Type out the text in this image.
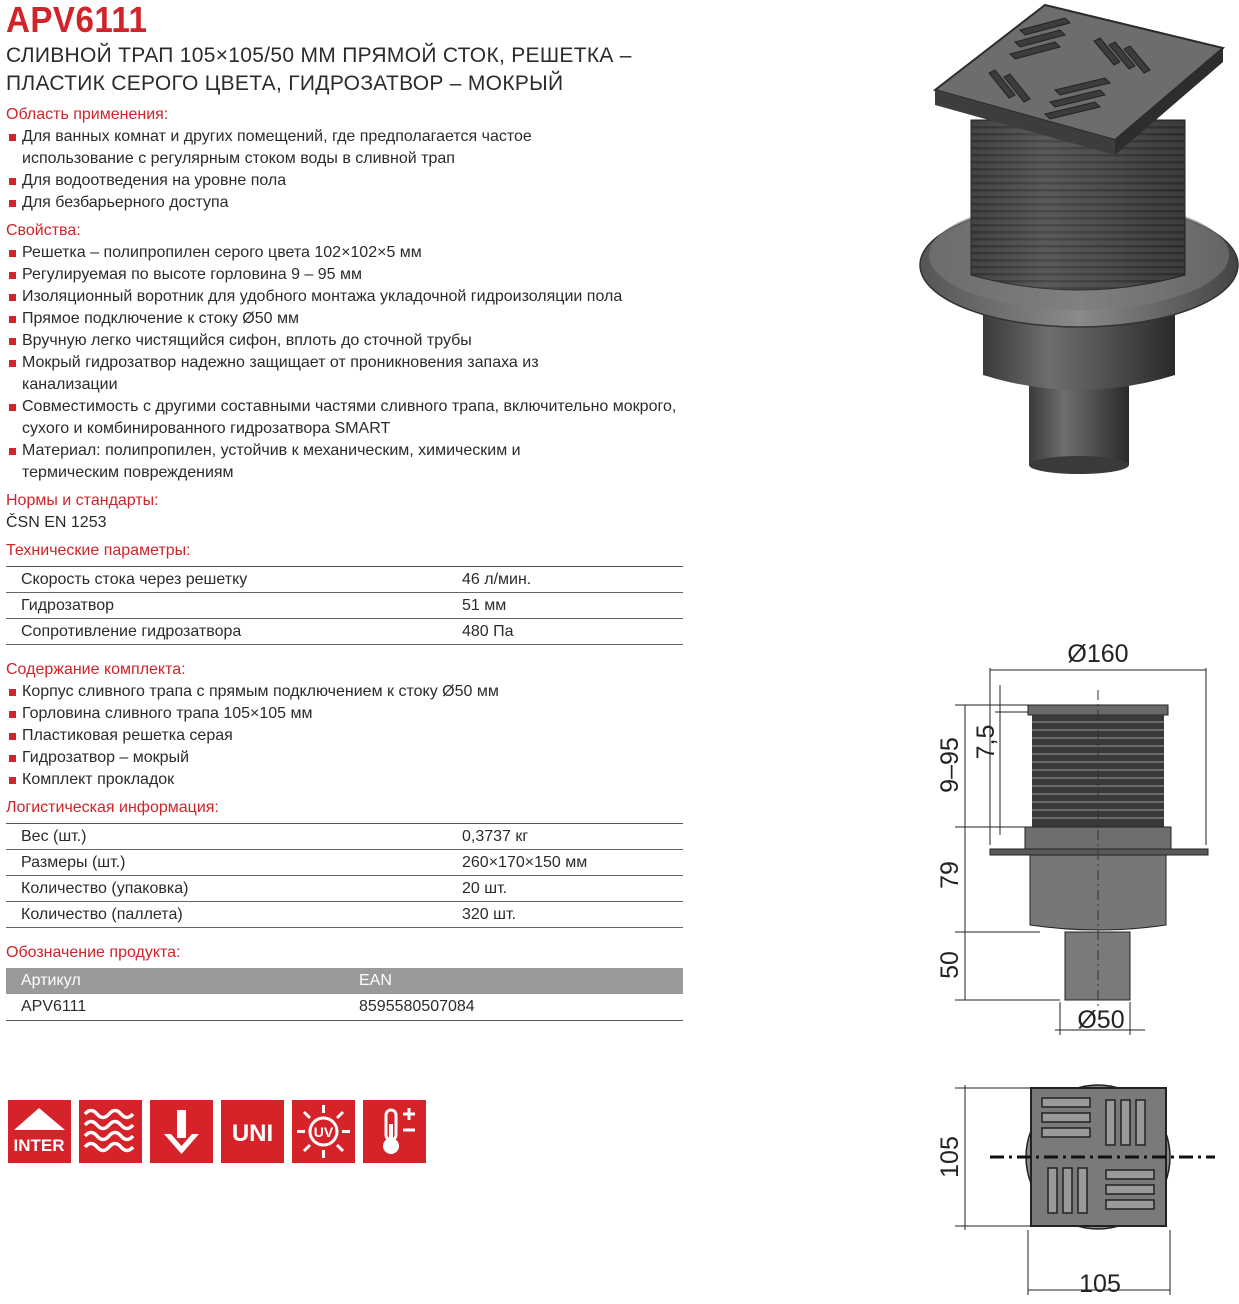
APV6111
СЛИВНОЙ ТРАП 105×105/50 ММ ПРЯМОЙ СТОК, РЕШЕТКА –
ПЛАСТИК СЕРОГО ЦВЕТА, ГИДРОЗАТВОР – МОКРЫЙ
Область применения:
Для ванных комнат и других помещений, где предполагается частое использование с регулярным стоком воды в сливной трап
Для водоотведения на уровне пола
Для безбарьерного доступа
Свойства:
Решетка – полипропилен серого цвета 102×102×5 мм
Регулируемая по высоте горловина 9 – 95 мм
Изоляционный воротник для удобного монтажа укладочной гидроизоляции пола
Прямое подключение к стоку Ø50 мм
Вручную легко чистящийся сифон, вплоть до сточной трубы
Мокрый гидрозатвор надежно защищает от проникновения запаха из канализации
Совместимость с другими составными частями сливного трапа, включительно мокрого, сухого и комбинированного гидрозатвора SMART
Материал: полипропилен, устойчив к механическим, химическим и термическим повреждениям
Нормы и стандарты:
ČSN EN 1253
Технические параметры:
Скорость стока через решетку	46 л/мин.
Гидрозатвор	51 мм
Сопротивление гидрозатвора	480 Па
Содержание комплекта:
Корпус сливного трапа с прямым подключением к стоку Ø50 мм
Горловина сливного трапа 105×105 мм
Пластиковая решетка серая
Гидрозатвор – мокрый
Комплект прокладок
Логистическая информация:
Вес (шт.)	0,3737 кг
Размеры (шт.)	260×170×150 мм
Количество (упаковка)	20 шт.
Количество (паллета)	320 шт.
Обозначение продукта:
Артикул	EAN
APV6111	8595580507084
INTER	UNI	UV
Ø160
9–95 7,5
79
50
Ø50
105
105
